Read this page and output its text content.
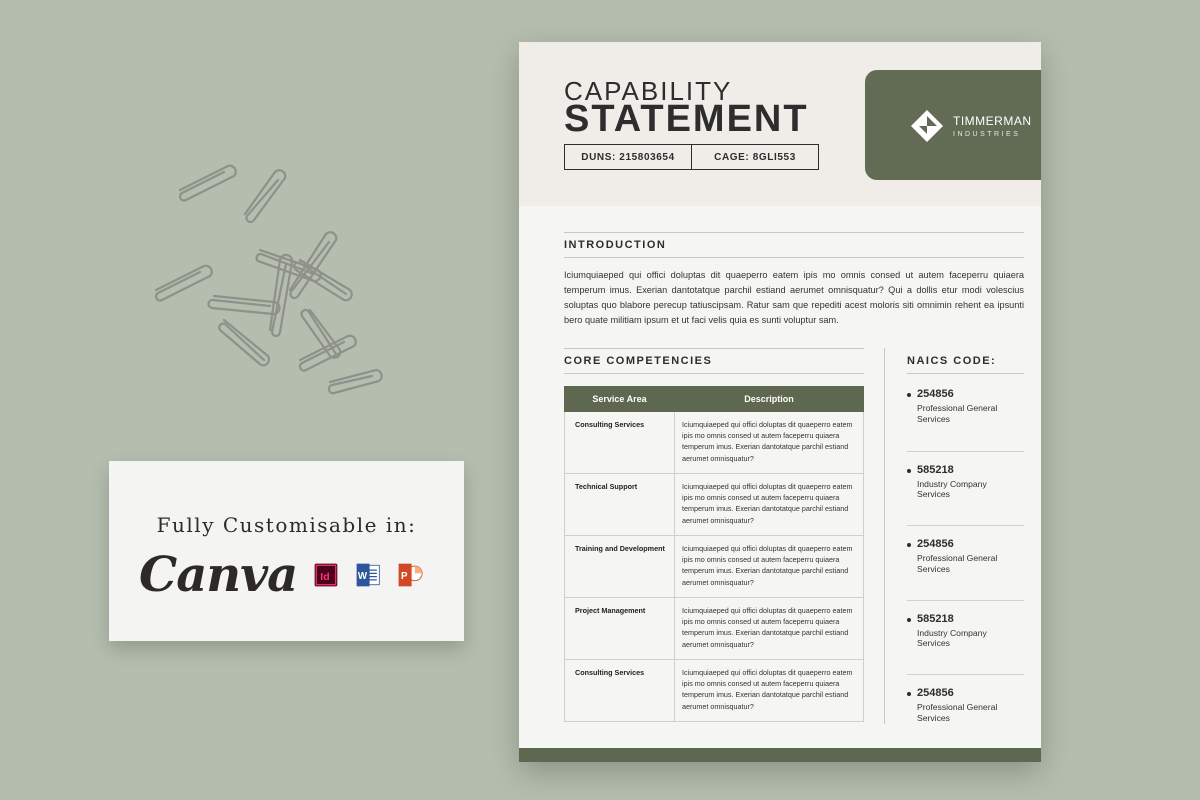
Fully Customisable in:
Canva Id W	P
CAPABILITY
STATEMENT
DUNS: 215803654	CAGE: 8GLI553
TIMMERMAN
INDUSTRIES
INTRODUCTION
Iciumquiaeped qui offici doluptas dit quaeperro eatem ipis mo omnis consed ut autem faceperru quiaera temperum imus. Exerian dantotatque parchil estiand aerumet omnisquatur? Qui a dollis etur modi volescius soluptas quo blabore perecup tatiuscipsam. Ratur sam que repediti acest moloris siti omnimin rehent ea ipsunti bero quate militiam ipsum et ut faci velis quia es sunti voluptur sam.
CORE COMPETENCIES
Service Area	Description
Consulting Services	Iciumquiaeped qui offici doluptas dit quaeperro eatem ipis mo omnis consed ut autem faceperru quiaera temperum imus. Exerian dantotatque parchil estiand aerumet omnisquatur?
Technical Support	Iciumquiaeped qui offici doluptas dit quaeperro eatem ipis mo omnis consed ut autem faceperru quiaera temperum imus. Exerian dantotatque parchil estiand aerumet omnisquatur?
Training and Development	Iciumquiaeped qui offici doluptas dit quaeperro eatem ipis mo omnis consed ut autem faceperru quiaera temperum imus. Exerian dantotatque parchil estiand aerumet omnisquatur?
Project Management	Iciumquiaeped qui offici doluptas dit quaeperro eatem ipis mo omnis consed ut autem faceperru quiaera temperum imus. Exerian dantotatque parchil estiand aerumet omnisquatur?
Consulting Services	Iciumquiaeped qui offici doluptas dit quaeperro eatem ipis mo omnis consed ut autem faceperru quiaera temperum imus. Exerian dantotatque parchil estiand aerumet omnisquatur?
NAICS CODE:
254856
Professional General Services
585218
Industry Company Services
254856
Professional General Services
585218
Industry Company Services
254856
Professional General Services
